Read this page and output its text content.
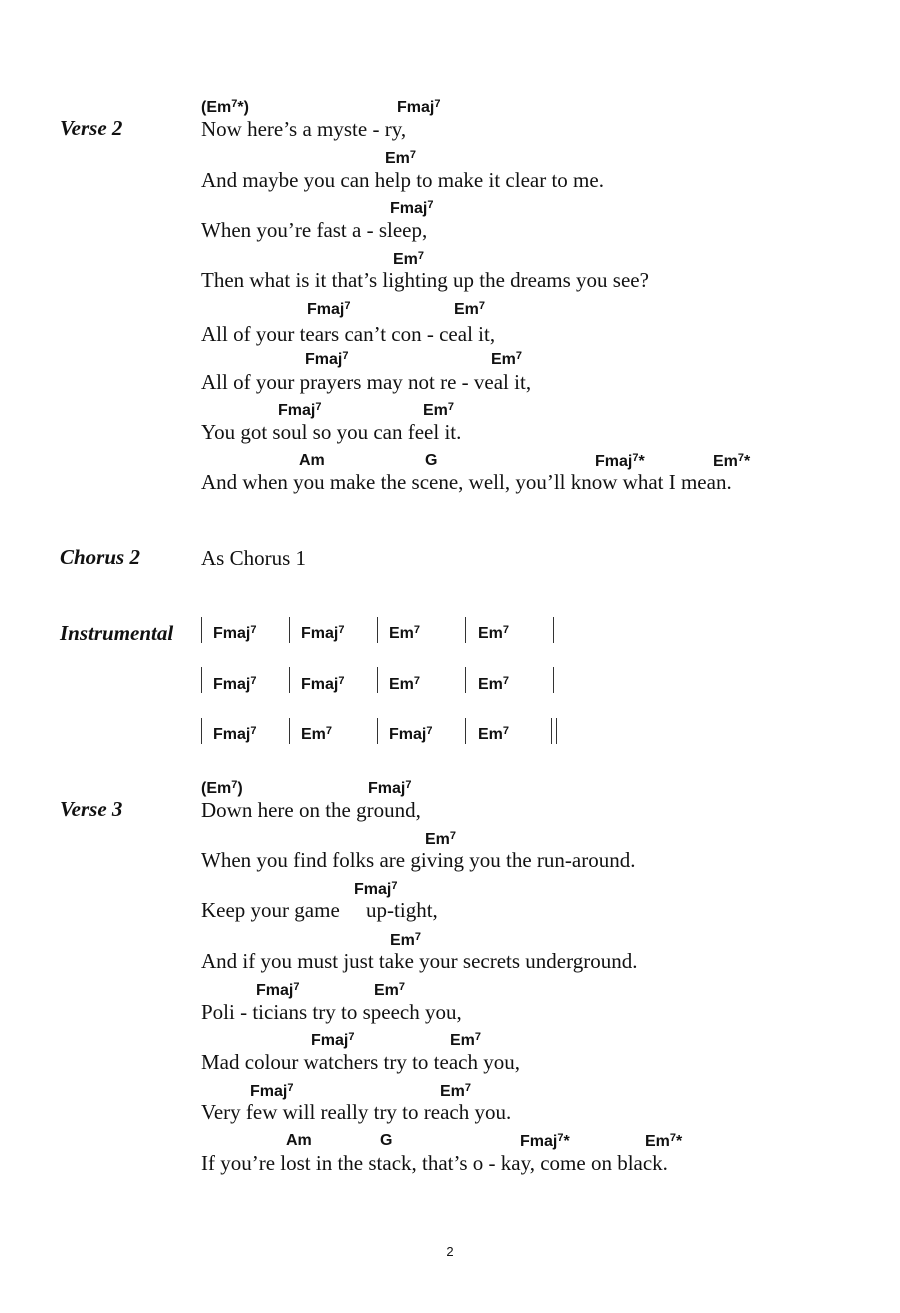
Verse 2
(Em$^7$*)	Fmaj$^7$
Now here’s a myste - ry,
Em$^7$
And maybe you can help to make it clear to me.
Fmaj$^7$
When you’re fast a - sleep,
Em$^7$
Then what is it that’s lighting up the dreams you see?
Fmaj$^7$	Em$^7$
All of your tears can’t con - ceal it,
Fmaj$^7$	Em$^7$
All of your prayers may not re - veal it,
Fmaj$^7$	Em$^7$
You got soul so you can feel it.
Am	G	Fmaj$^7$*	Em$^7$*
And when you make the scene, well, you’ll know what I mean.
Chorus 2	As Chorus 1
Instrumental Fmaj$^7$	Fmaj$^7$	Em$^7$	Em$^7$
Fmaj$^7$	Fmaj$^7$	Em$^7$	Em$^7$
Fmaj$^7$	Em$^7$	Fmaj$^7$	Em$^7$
Verse 3
(Em$^7$)	Fmaj$^7$
Down here on the ground,
Em$^7$
When you find folks are giving you the run-around.
Fmaj$^7$
Keep your game     up-tight,
Em$^7$
And if you must just take your secrets underground.
Fmaj$^7$	Em$^7$
Poli - ticians try to speech you,
Fmaj$^7$	Em$^7$
Mad colour watchers try to teach you,
Fmaj$^7$	Em$^7$
Very few will really try to reach you.
Am	G	Fmaj$^7$*	Em$^7$*
If you’re lost in the stack, that’s o - kay, come on black.
2
